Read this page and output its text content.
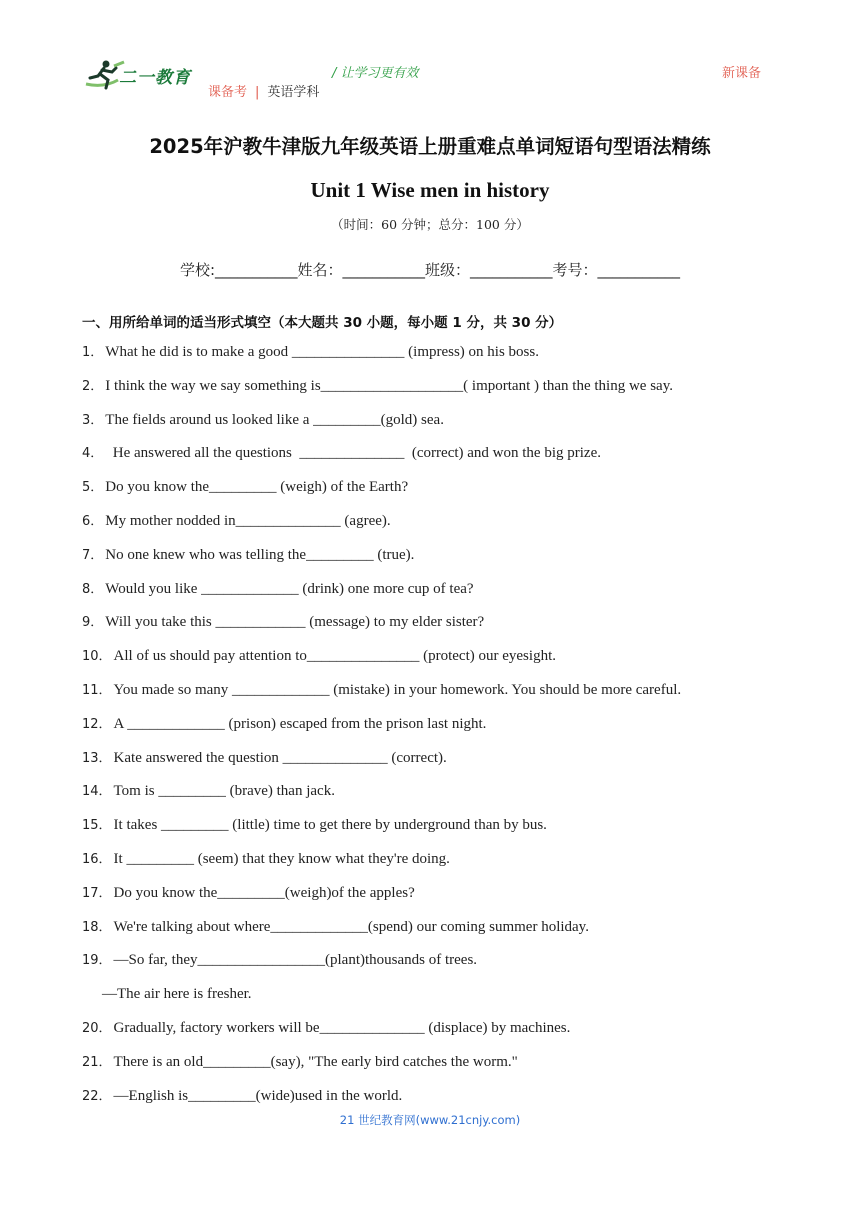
二一教育	/ 让学习更有效	新课备
课备考 | 英语学科
2025年沪教牛津版九年级英语上册重难点单词短语句型语法精练
Unit 1 Wise men in history
（时间：60 分钟；总分：100 分）
学校:___________姓名：___________班级：___________考号：___________
一、用所给单词的适当形式填空（本大题共 30 小题，每小题 1 分，共 30 分）
1． What he did is to make a good _______________ (impress) on his boss.
2． I think the way we say something is___________________( important ) than the thing we say.
3． The fields around us looked like a _________(gold) sea.
4．  He answered all the questions  ______________  (correct) and won the big prize.
5． Do you know the_________ (weigh) of the Earth?
6． My mother nodded in______________ (agree).
7． No one knew who was telling the_________ (true).
8． Would you like _____________ (drink) one more cup of tea?
9． Will you take this ____________ (message) to my elder sister?
10． All of us should pay attention to_______________ (protect) our eyesight.
11． You made so many _____________ (mistake) in your homework. You should be more careful.
12． A _____________ (prison) escaped from the prison last night.
13． Kate answered the question ______________ (correct).
14． Tom is _________ (brave) than jack.
15． It takes _________ (little) time to get there by underground than by bus.
16． It _________ (seem) that they know what they're doing.
17． Do you know the_________(weigh)of the apples?
18． We're talking about where_____________(spend) our coming summer holiday.
19． —So far, they_________________(plant)thousands of trees.
—The air here is fresher.
20． Gradually, factory workers will be______________ (displace) by machines.
21． There is an old_________(say), "The early bird catches the worm."
22． —English is_________(wide)used in the world.
21 世纪教育网(www.21cnjy.com)
